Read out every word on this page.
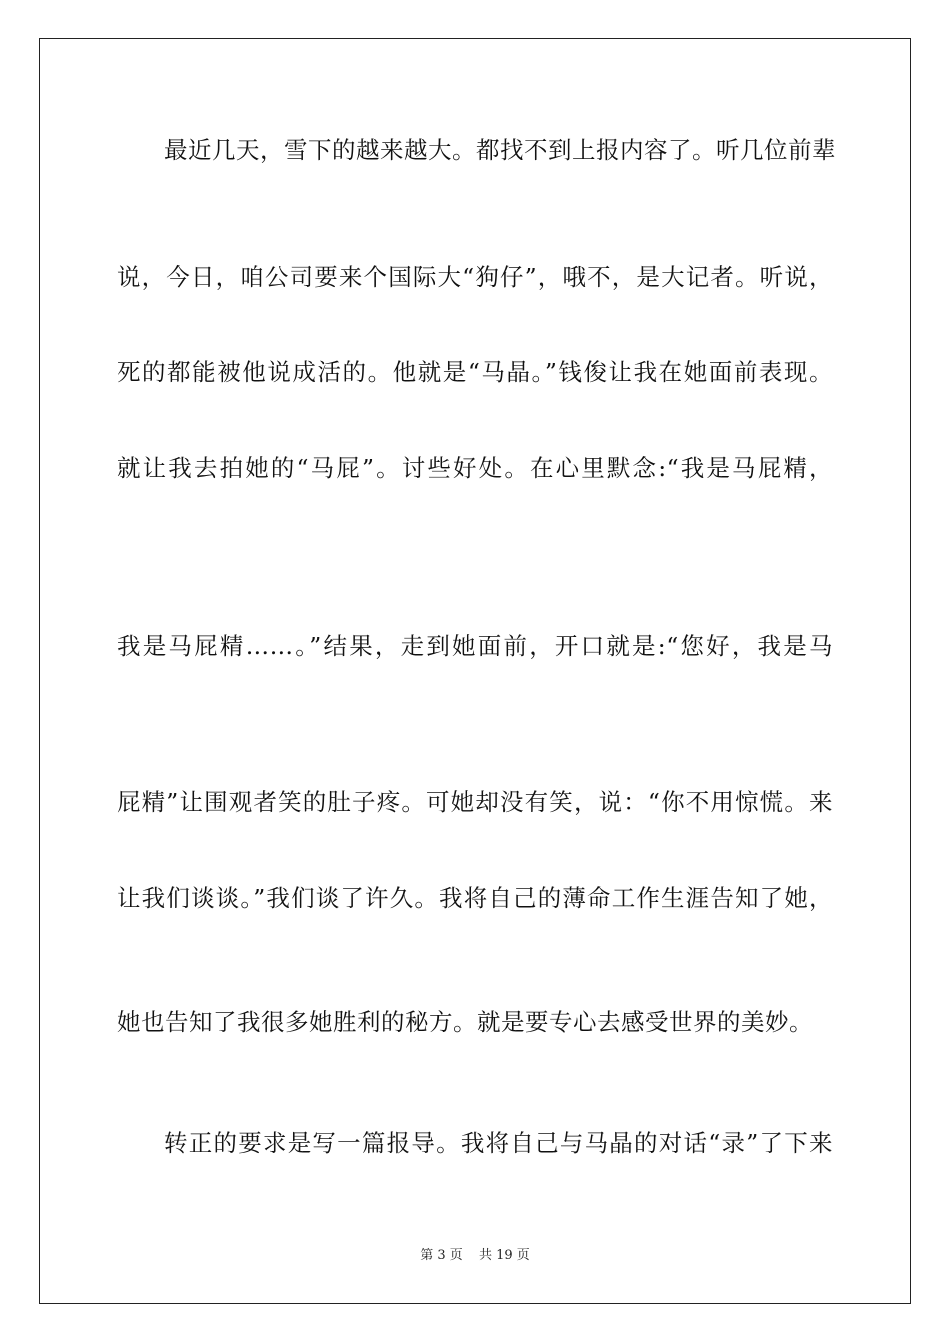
最近几天，雪下的越来越大。都找不到上报内容了。听几位前辈
说，今日，咱公司要来个国际大“狗仔”，哦不，是大记者。听说，
死的都能被他说成活的。他就是“马晶。”钱俊让我在她面前表现。
就让我去拍她的“马屁”。讨些好处。在心里默念:“我是马屁精，
我是马屁精……。”结果，走到她面前，开口就是:“您好，我是马
屁精”让围观者笑的肚子疼。可她却没有笑，说：“你不用惊慌。来
让我们谈谈。”我们谈了许久。我将自己的薄命工作生涯告知了她，
她也告知了我很多她胜利的秘方。就是要专心去感受世界的美妙。
转正的要求是写一篇报导。我将自己与马晶的对话“录”了下来
第 3 页 共 19 页
